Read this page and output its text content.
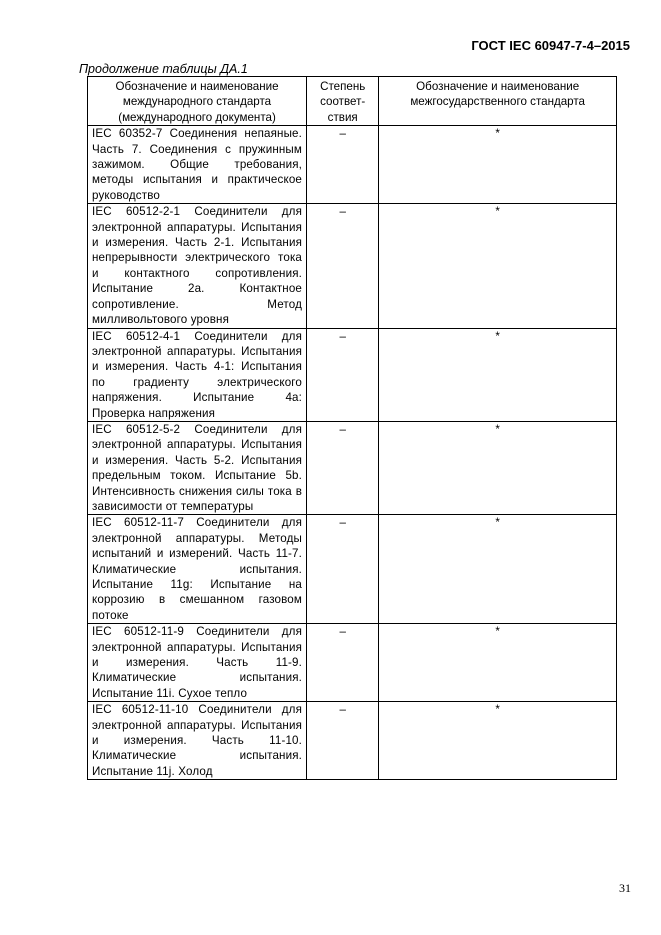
ГОСТ IEC 60947-7-4–2015
Продолжение таблицы ДА.1
Обозначение и наименование международного стандарта (международного документа)	Степень соответ-ствия	Обозначение и наименование межгосударственного стандарта
IEC 60352-7 Соединения непаяные. Часть 7. Соединения с пружинным зажимом. Общие требования, методы испытания и практическое руководство	–	*
IEC 60512-2-1 Соединители для электронной аппаратуры. Испытания и измерения. Часть 2-1. Испытания непрерывности электрического тока и контактного сопротивления. Испытание 2а. Контактное сопротивление. Метод милливольтового уровня	–	*
IEC 60512-4-1 Соединители для электронной аппаратуры. Испытания и измерения. Часть 4-1: Испытания по градиенту электрического напряжения. Испытание 4а: Проверка напряжения	–	*
IEC 60512-5-2 Соединители для электронной аппаратуры. Испытания и измерения. Часть 5-2. Испытания предельным током. Испытание 5b. Интенсивность снижения силы тока в зависимости от температуры	–	*
IEC 60512-11-7 Соединители для электронной аппаратуры. Методы испытаний и измерений. Часть 11-7. Климатические испытания. Испытание 11g: Испытание на коррозию в смешанном газовом потоке	–	*
IEC 60512-11-9 Соединители для электронной аппаратуры. Испытания и измерения. Часть 11-9. Климатические испытания. Испытание 11i. Сухое тепло	–	*
IEC 60512-11-10 Соединители для электронной аппаратуры. Испытания и измерения. Часть 11-10. Климатические испытания. Испытание 11j. Холод	–	*
31
